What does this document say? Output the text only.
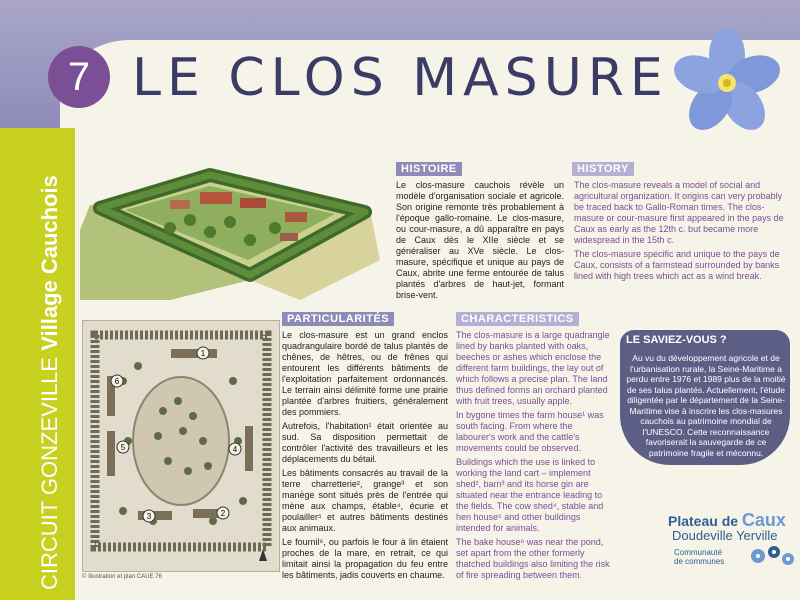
7 LE CLOS MASURE
CIRCUIT GONZEVILLE Village Cauchois
1
2
3
4
5
6
© Illustration et plan CAUE 76
HISTOIRE

Le clos-masure cauchois révèle un modèle d'organisation sociale et agricole. Son origine remonte très probablement à l'époque gallo-romaine. Le clos-masure, ou cour-masure, a dû apparaître en pays de Caux dès le XIIe siècle et se généraliser au XVe siècle. Le clos-masure, spécifique et unique au pays de Caux, abrite une ferme entourée de talus plantés d'arbres de haut-jet, formant brise-vent.

HISTORY

The clos-masure reveals a model of social and agricultural organization. It origins can very probably be traced back to Gallo-Roman times. The clos-masure or cour-masure first appeared in the pays de Caux as early as the 12th c. but became more widespread in the 15th c.

The clos-masure specific and unique to the pays de Caux, consists of a farmstead surrounded by banks lined with high trees which act as a wind break.

PARTICULARITÉS

Le clos-masure est un grand enclos quadrangulaire bordé de talus plantés de chênes, de hêtres, ou de frênes qui entourent les différents bâtiments de l'exploitation parfaitement ordonnancés. Le terrain ainsi délimité forme une prairie plantée d'arbres fruitiers, généralement des pommiers.

Autrefois, l'habitation¹ était orientée au sud. Sa disposition permettait de contrôler l'activité des travailleurs et les déplacements du bétail.

Les bâtiments consacrés au travail de la terre charretterie², grange³ et son manège sont situés près de l'entrée qui mène aux champs, étable⁴, écurie et poulailler⁵ et autres bâtiments destinés aux animaux.

Le fournil⁶, ou parfois le four à lin étaient proches de la mare, en retrait, ce qui limitait ainsi la propagation du feu entre les bâtiments, jadis couverts en chaume.

CHARACTERISTICS

The clos-masure is a large quadrangle lined by banks planted with oaks, beeches or ashes which enclose the different farm buildings, the lay out of which follows a precise plan. The land thus defined forms an orchard planted with fruit trees, usually apple.

In bygone times the farm house¹ was south facing. From where the labourer's work and the cattle's movements could be observed.

Buildings which the use is linked to working the land cart – implement shed², barn³ and its horse gin are situated near the entrance leading to the fields. The cow shed⁴, stable and hen house⁵ and other buildings intended for animals.

The bake house⁶ was near the pond, set apart from the other formerly thatched buildings also limiting the risk of fire spreading between them.

LE SAVIEZ-VOUS ?
Au vu du développement agricole et de l'urbanisation rurale, la Seine-Maritime a perdu entre 1976 et 1989 plus de la moitié de ses talus plantés. Actuellement, l'étude diligentée par le département de la Seine-Maritime vise à inscrire les clos-masures cauchois au patrimoine mondial de l'UNESCO. Cette reconnaissance favoriserait la sauvegarde de ce patrimoine fragile et méconnu.
Plateau de Caux
Doudeville Yerville
Communauté
de communes
